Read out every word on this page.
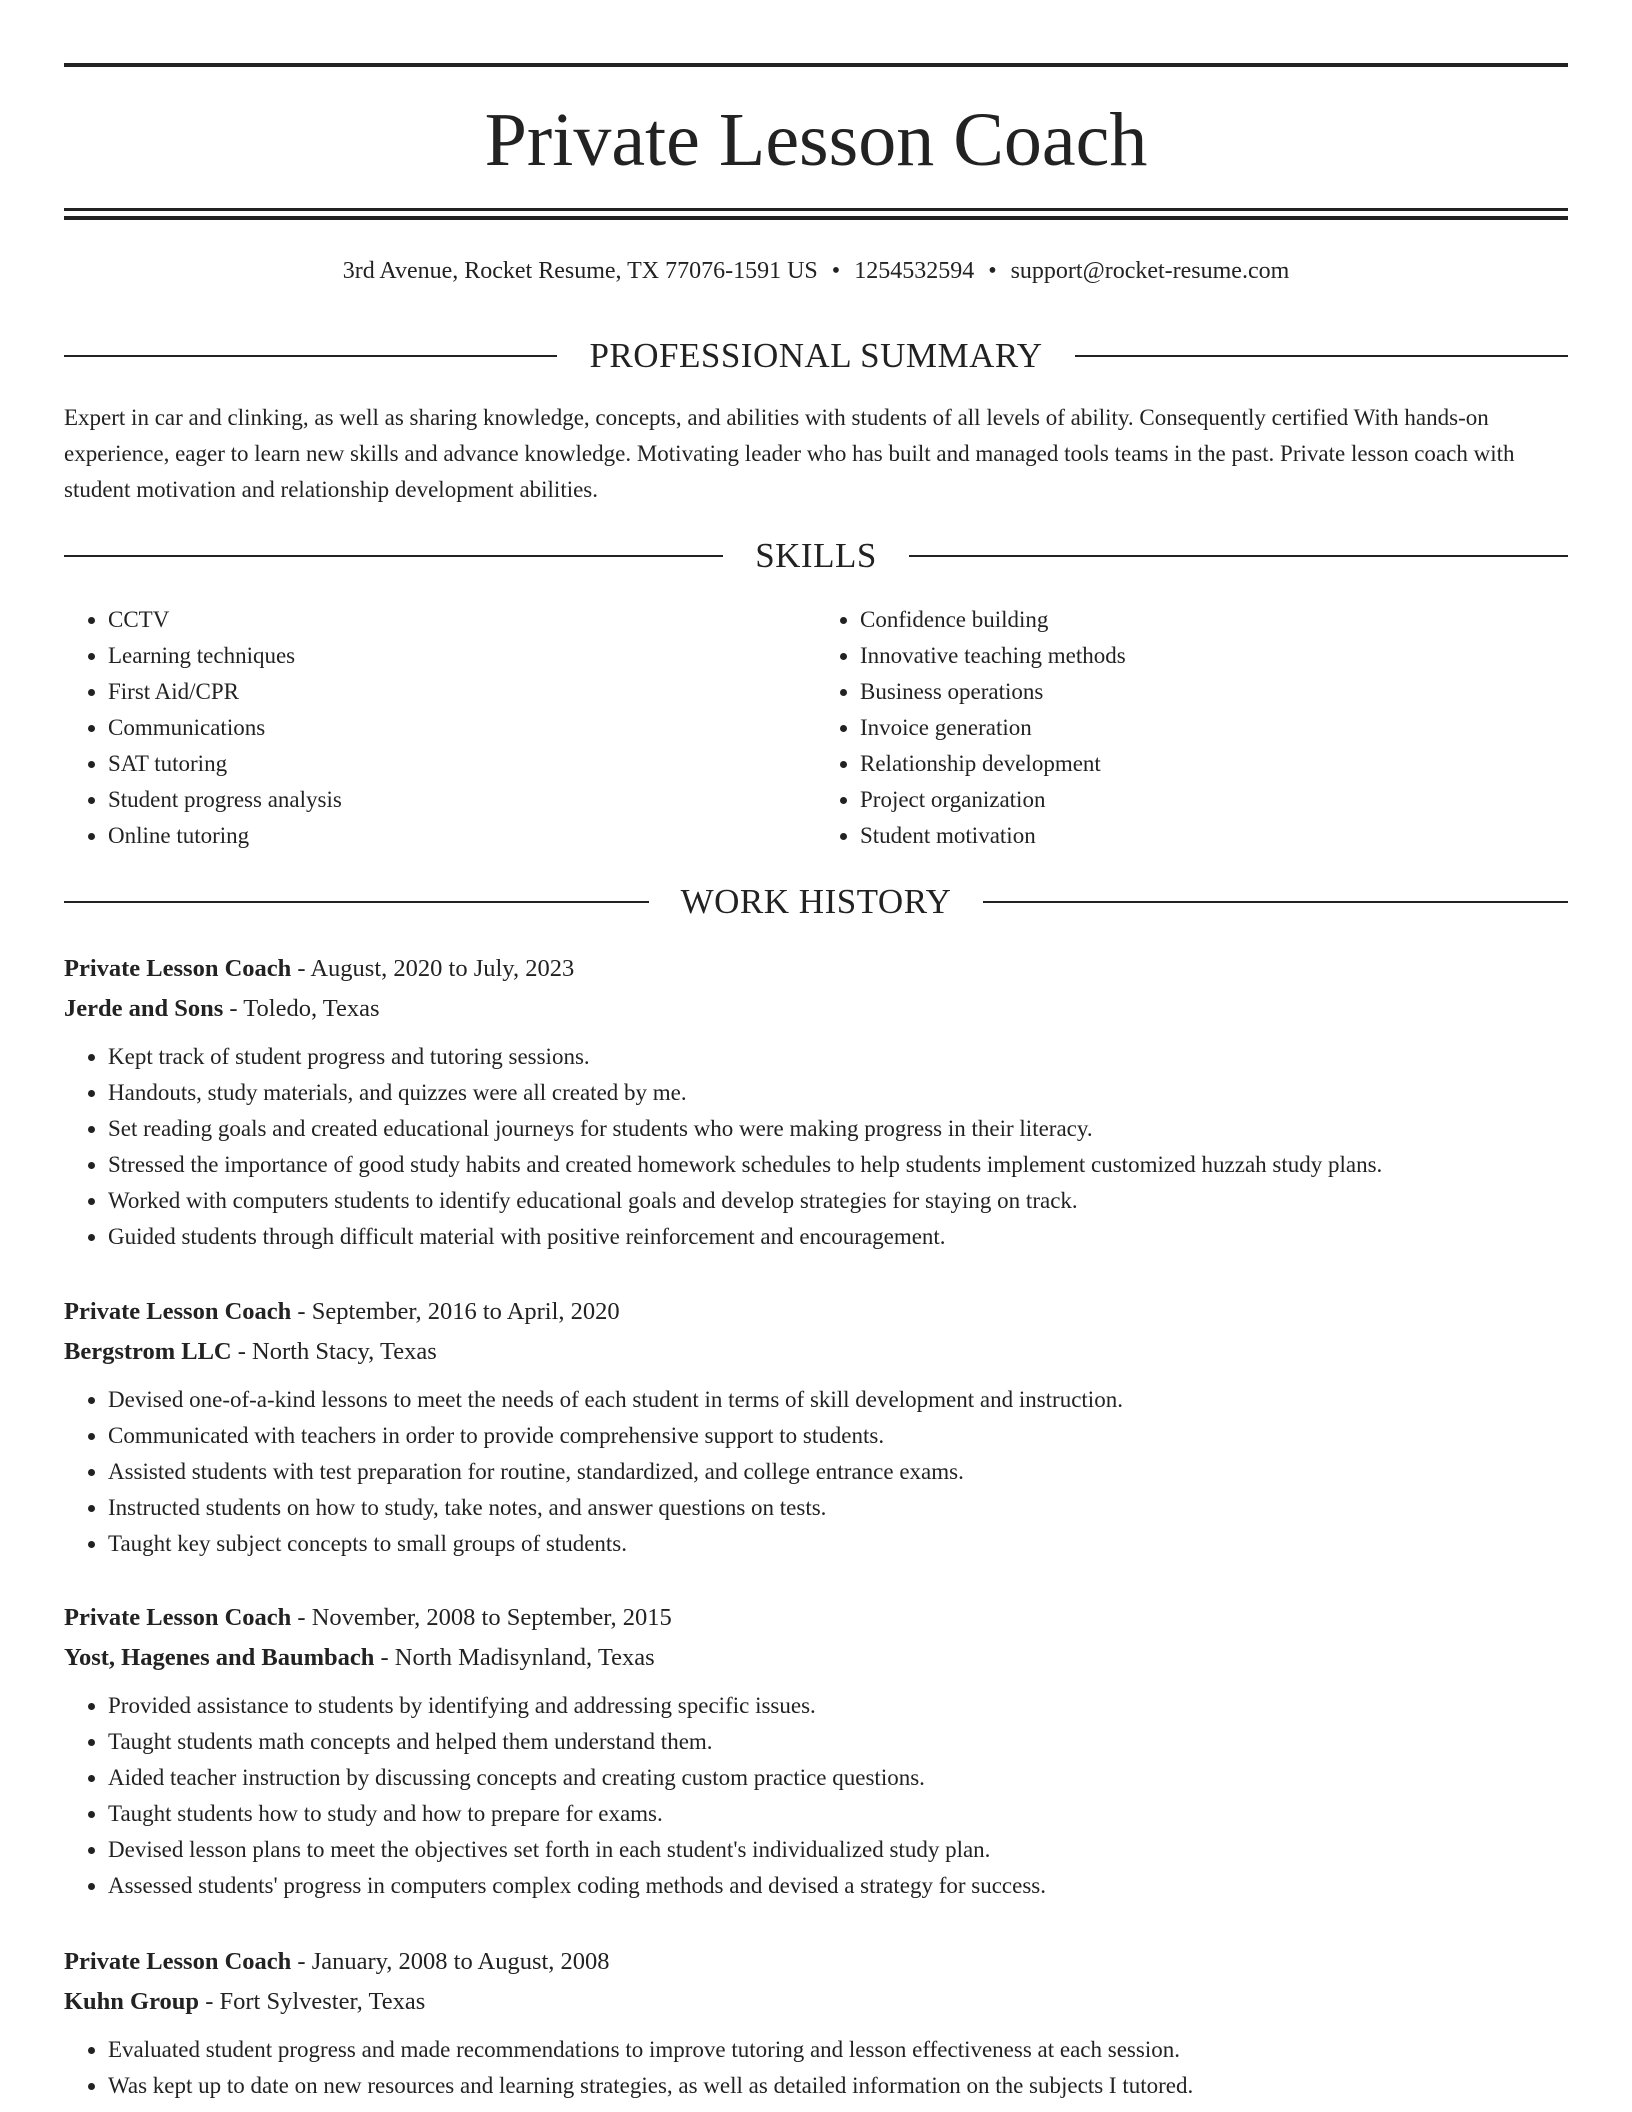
Private Lesson Coach
3rd Avenue, Rocket Resume, TX 77076-1591 US • 1254532594 • support@rocket-resume.com
PROFESSIONAL SUMMARY

Expert in car and clinking, as well as sharing knowledge, concepts, and abilities with students of all levels of ability. Consequently certified With hands-on experience, eager to learn new skills and advance knowledge. Motivating leader who has built and managed tools teams in the past. Private lesson coach with student motivation and relationship development abilities.

SKILLS
• CCTV
• Learning techniques
• First Aid/CPR
• Communications
• SAT tutoring
• Student progress analysis
• Online tutoring
• Confidence building
• Innovative teaching methods
• Business operations
• Invoice generation
• Relationship development
• Project organization
• Student motivation
WORK HISTORY
Private Lesson Coach - August, 2020 to July, 2023
Jerde and Sons - Toledo, Texas
• Kept track of student progress and tutoring sessions.
• Handouts, study materials, and quizzes were all created by me.
• Set reading goals and created educational journeys for students who were making progress in their literacy.
• Stressed the importance of good study habits and created homework schedules to help students implement customized huzzah study plans.
• Worked with computers students to identify educational goals and develop strategies for staying on track.
• Guided students through difficult material with positive reinforcement and encouragement.
Private Lesson Coach - September, 2016 to April, 2020
Bergstrom LLC - North Stacy, Texas
• Devised one-of-a-kind lessons to meet the needs of each student in terms of skill development and instruction.
• Communicated with teachers in order to provide comprehensive support to students.
• Assisted students with test preparation for routine, standardized, and college entrance exams.
• Instructed students on how to study, take notes, and answer questions on tests.
• Taught key subject concepts to small groups of students.
Private Lesson Coach - November, 2008 to September, 2015
Yost, Hagenes and Baumbach - North Madisynland, Texas
• Provided assistance to students by identifying and addressing specific issues.
• Taught students math concepts and helped them understand them.
• Aided teacher instruction by discussing concepts and creating custom practice questions.
• Taught students how to study and how to prepare for exams.
• Devised lesson plans to meet the objectives set forth in each student's individualized study plan.
• Assessed students' progress in computers complex coding methods and devised a strategy for success.
Private Lesson Coach - January, 2008 to August, 2008
Kuhn Group - Fort Sylvester, Texas
• Evaluated student progress and made recommendations to improve tutoring and lesson effectiveness at each session.
• Was kept up to date on new resources and learning strategies, as well as detailed information on the subjects I tutored.
